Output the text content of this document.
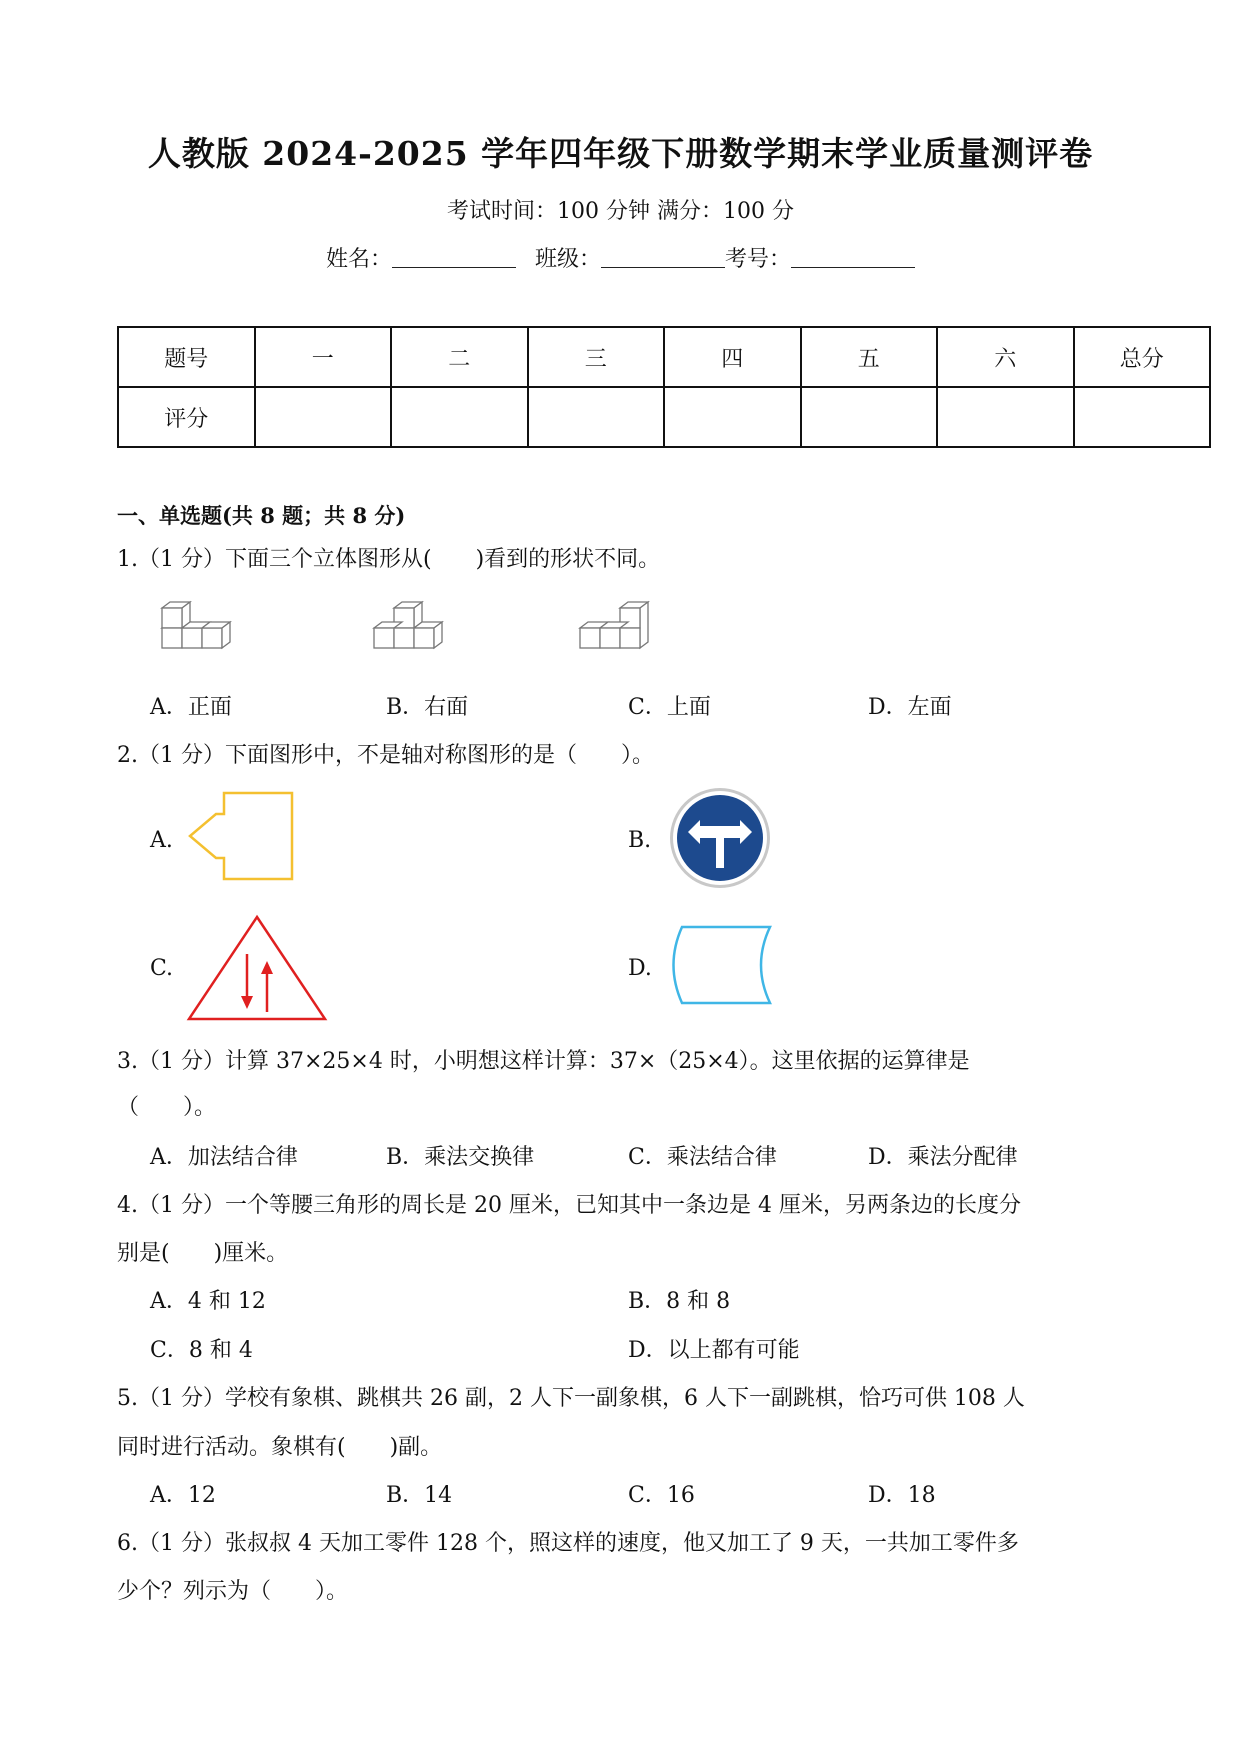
人教版 2024-2025 学年四年级下册数学期末学业质量测评卷
考试时间：100 分钟 满分：100 分
姓名：	班级：	考号：
题号	一	二	三	四	五	六	总分
评分							
一、单选题(共 8 题；共 8 分)
1.（1 分）下面三个立体图形从(　　)看到的形状不同。
A．正面	B．右面	C．上面	D．左面
2.（1 分）下面图形中，不是轴对称图形的是（　　）。
A.	B.
C.	D.
3.（1 分）计算 37×25×4 时，小明想这样计算：37×（25×4）。这里依据的运算律是
（　　）。
A．加法结合律	B．乘法交换律	C．乘法结合律	D．乘法分配律
4.（1 分）一个等腰三角形的周长是 20 厘米，已知其中一条边是 4 厘米，另两条边的长度分
别是(　　)厘米。
A．4 和 12	B．8 和 8
C．8 和 4	D．以上都有可能
5.（1 分）学校有象棋、跳棋共 26 副，2 人下一副象棋，6 人下一副跳棋，恰巧可供 108 人
同时进行活动。象棋有(　　)副。
A．12	B．14	C．16	D．18
6.（1 分）张叔叔 4 天加工零件 128 个，照这样的速度，他又加工了 9 天，一共加工零件多
少个？列示为（　　）。
